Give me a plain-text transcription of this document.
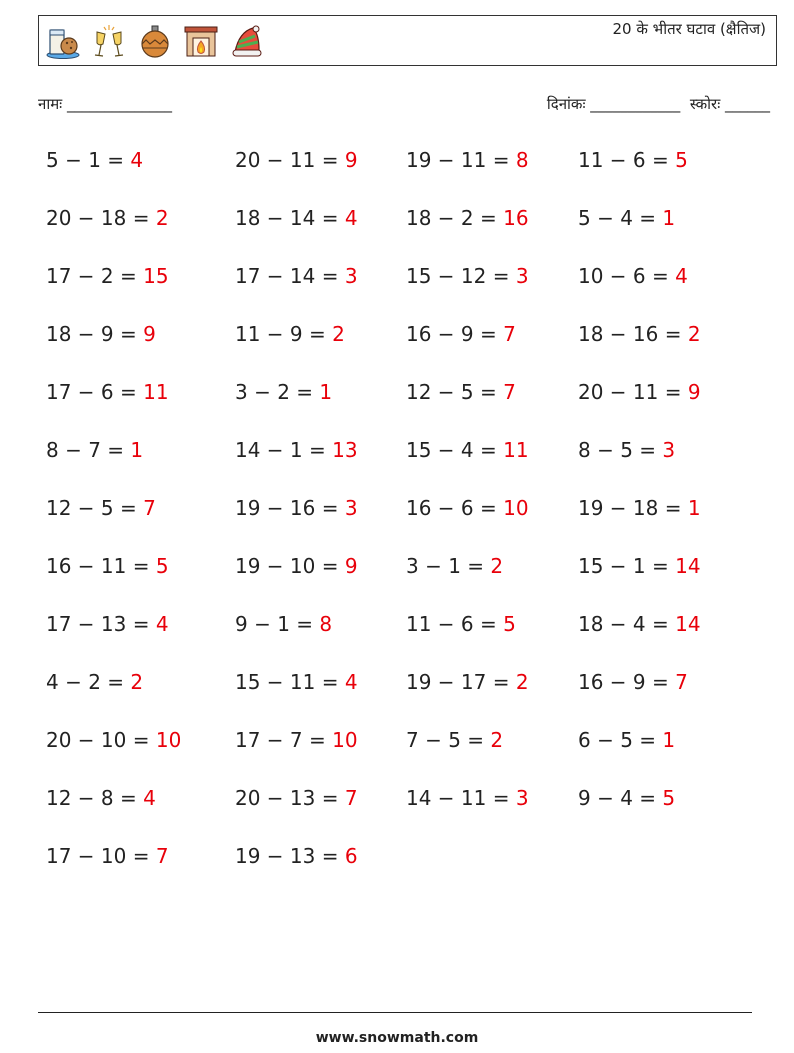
20 के भीतर घटाव (क्षैतिज)
नामः ______________	दिनांकः ____________ स्कोरः ______
5 − 1 = 4
20 − 18 = 2
17 − 2 = 15
18 − 9 = 9
17 − 6 = 11
8 − 7 = 1
12 − 5 = 7
16 − 11 = 5
17 − 13 = 4
4 − 2 = 2
20 − 10 = 10
12 − 8 = 4
17 − 10 = 7
20 − 11 = 9
18 − 14 = 4
17 − 14 = 3
11 − 9 = 2
3 − 2 = 1
14 − 1 = 13
19 − 16 = 3
19 − 10 = 9
9 − 1 = 8
15 − 11 = 4
17 − 7 = 10
20 − 13 = 7
19 − 13 = 6
19 − 11 = 8
18 − 2 = 16
15 − 12 = 3
16 − 9 = 7
12 − 5 = 7
15 − 4 = 11
16 − 6 = 10
3 − 1 = 2
11 − 6 = 5
19 − 17 = 2
7 − 5 = 2
14 − 11 = 3
11 − 6 = 5
5 − 4 = 1
10 − 6 = 4
18 − 16 = 2
20 − 11 = 9
8 − 5 = 3
19 − 18 = 1
15 − 1 = 14
18 − 4 = 14
16 − 9 = 7
6 − 5 = 1
9 − 4 = 5
www.snowmath.com
